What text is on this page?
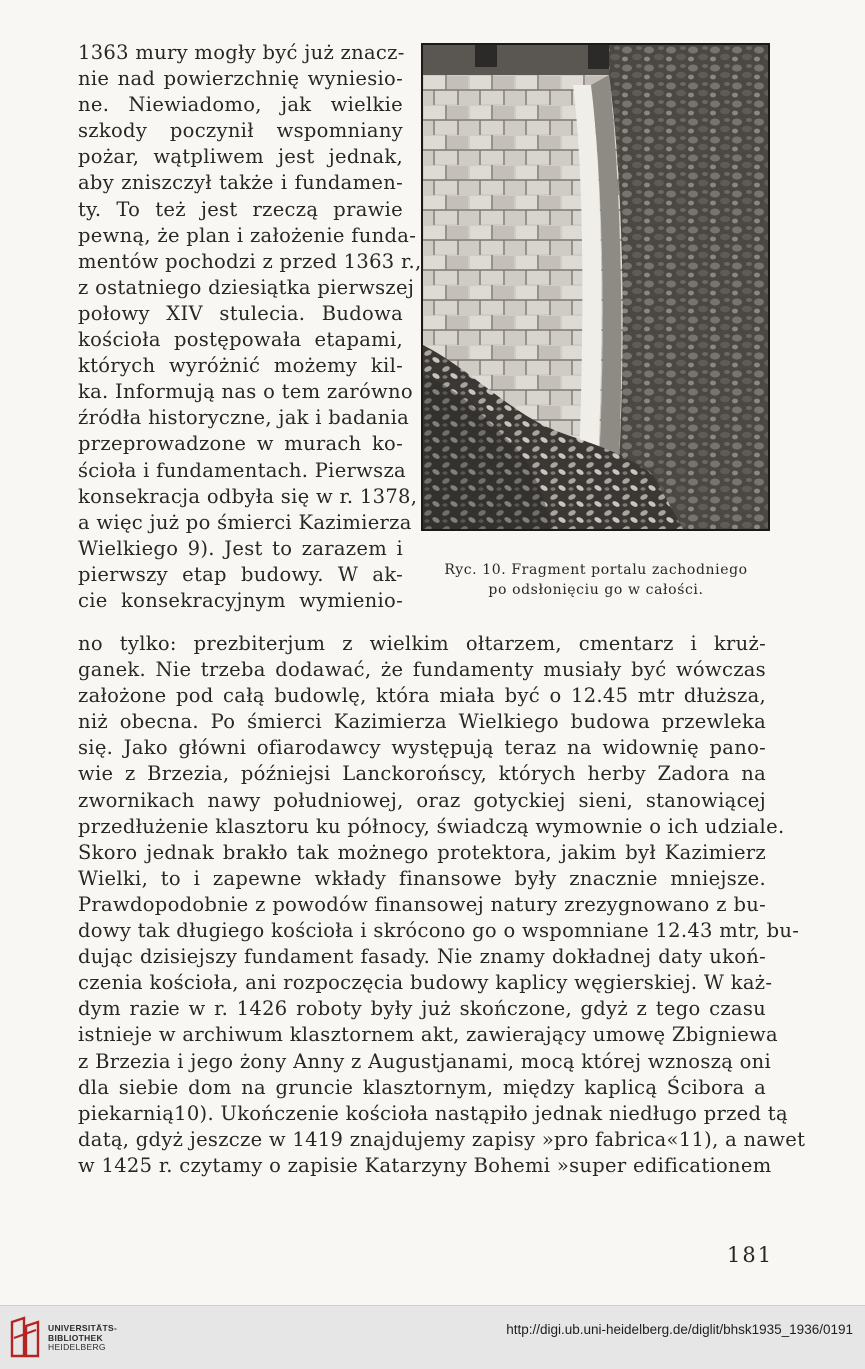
1363 mury mogły być już znacz-
nie nad powierzchnię wyniesio-
ne. Niewiadomo, jak wielkie
szkody poczynił wspomniany
pożar, wątpliwem jest jednak,
aby zniszczył także i fundamen-
ty. To też jest rzeczą prawie
pewną, że plan i założenie funda-
mentów pochodzi z przed 1363 r.,
z ostatniego dziesiątka pierwszej
połowy XIV stulecia. Budowa
kościoła postępowała etapami,
których wyróżnić możemy kil-
ka. Informują nas o tem zarówno
źródła historyczne, jak i badania
przeprowadzone w murach ko-
ścioła i fundamentach. Pierwsza
konsekracja odbyła się w r. 1378,
a więc już po śmierci Kazimierza
Wielkiego 9). Jest to zarazem i
pierwszy etap budowy. W ak-
cie konsekracyjnym wymienio-
Ryc. 10. Fragment portalu zachodniego
po odsłonięciu go w całości.
no tylko: prezbiterjum z wielkim ołtarzem, cmentarz i kruż-
ganek. Nie trzeba dodawać, że fundamenty musiały być wówczas
założone pod całą budowlę, która miała być o 12.45 mtr dłuższa,
niż obecna. Po śmierci Kazimierza Wielkiego budowa przewleka
się. Jako główni ofiarodawcy występują teraz na widownię pano-
wie z Brzezia, późniejsi Lanckorońscy, których herby Zadora na
zwornikach nawy południowej, oraz gotyckiej sieni, stanowiącej
przedłużenie klasztoru ku północy, świadczą wymownie o ich udziale.
Skoro jednak brakło tak możnego protektora, jakim był Kazimierz
Wielki, to i zapewne wkłady finansowe były znacznie mniejsze.
Prawdopodobnie z powodów finansowej natury zrezygnowano z bu-
dowy tak długiego kościoła i skrócono go o wspomniane 12.43 mtr, bu-
dując dzisiejszy fundament fasady. Nie znamy dokładnej daty ukoń-
czenia kościoła, ani rozpoczęcia budowy kaplicy węgierskiej. W każ-
dym razie w r. 1426 roboty były już skończone, gdyż z tego czasu
istnieje w archiwum klasztornem akt, zawierający umowę Zbigniewa
z Brzezia i jego żony Anny z Augustjanami, mocą której wznoszą oni
dla siebie dom na gruncie klasztornym, między kaplicą Ścibora a
piekarnią10). Ukończenie kościoła nastąpiło jednak niedługo przed tą
datą, gdyż jeszcze w 1419 znajdujemy zapisy »pro fabrica«11), a nawet
w 1425 r. czytamy o zapisie Katarzyny Bohemi »super edificationem
181
UNIVERSITÄTS-
BIBLIOTHEK
HEIDELBERG
http://digi.ub.uni-heidelberg.de/diglit/bhsk1935_1936/0191
